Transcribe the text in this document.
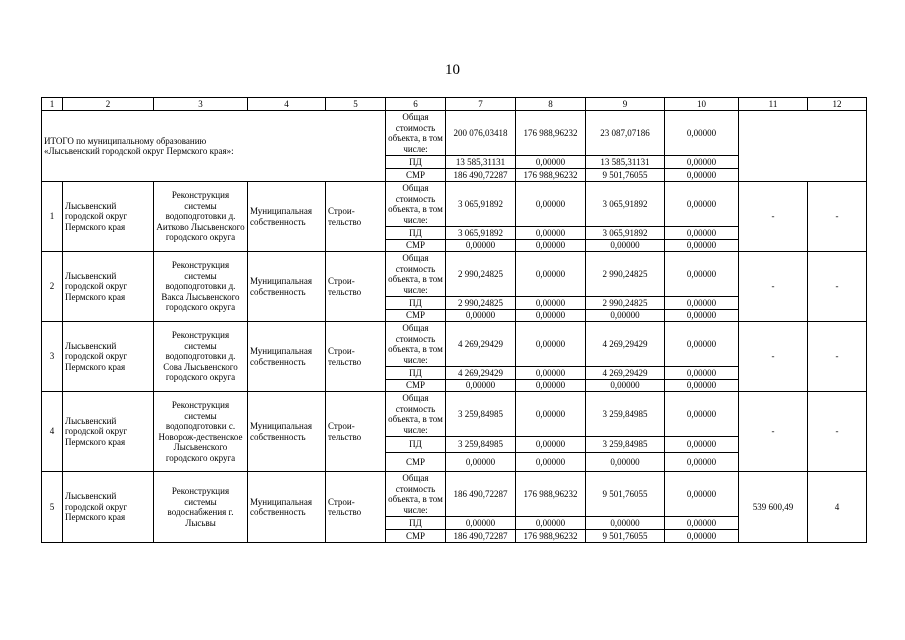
10
1	2	3	4	5	6	7	8	9	10	11	12

ИТОГО по муниципальному образованию
«Лысьвенский городской округ Пермского края»:					Общая стоимость объекта, в том числе:	200 076,03418	176 988,96232	23 087,07186	0,00000		
					ПД	13 585,31131	0,00000	13 585,31131	0,00000		
					СМР	186 490,72287	176 988,96232	9 501,76055	0,00000		
1	Лысьвенский городской округ Пермского края	Реконструкция системы водоподготовки д. Аитково Лысьвенского городского округа	Муниципальная собственность	Строи-тельство	Общая стоимость объекта, в том числе:	3 065,91892	0,00000	3 065,91892	0,00000	-	-
					ПД	3 065,91892	0,00000	3 065,91892	0,00000		
					СМР	0,00000	0,00000	0,00000	0,00000		
2	Лысьвенский городской округ Пермского края	Реконструкция системы водоподготовки д. Вакса Лысьвенского городского округа	Муниципальная собственность	Строи-тельство	Общая стоимость объекта, в том числе:	2 990,24825	0,00000	2 990,24825	0,00000	-	-
					ПД	2 990,24825	0,00000	2 990,24825	0,00000		
					СМР	0,00000	0,00000	0,00000	0,00000		
3	Лысьвенский городской округ Пермского края	Реконструкция системы водоподготовки д. Сова Лысьвенского городского округа	Муниципальная собственность	Строи-тельство	Общая стоимость объекта, в том числе:	4 269,29429	0,00000	4 269,29429	0,00000	-	-
					ПД	4 269,29429	0,00000	4 269,29429	0,00000		
					СМР	0,00000	0,00000	0,00000	0,00000		
4	Лысьвенский городской округ Пермского края	Реконструкция системы водоподготовки с. Новорож-дественское Лысьвенского городского округа	Муниципальная собственность	Строи-тельство	Общая стоимость объекта, в том числе:	3 259,84985	0,00000	3 259,84985	0,00000	-	-
					ПД	3 259,84985	0,00000	3 259,84985	0,00000		
					СМР	0,00000	0,00000	0,00000	0,00000		
5	Лысьвенский городской округ Пермского края	Реконструкция системы водоснабжения г. Лысьвы	Муниципальная собственность	Строи-тельство	Общая стоимость объекта, в том числе:	186 490,72287	176 988,96232	9 501,76055	0,00000	539 600,49	4
					ПД	0,00000	0,00000	0,00000	0,00000		
					СМР	186 490,72287	176 988,96232	9 501,76055	0,00000		
